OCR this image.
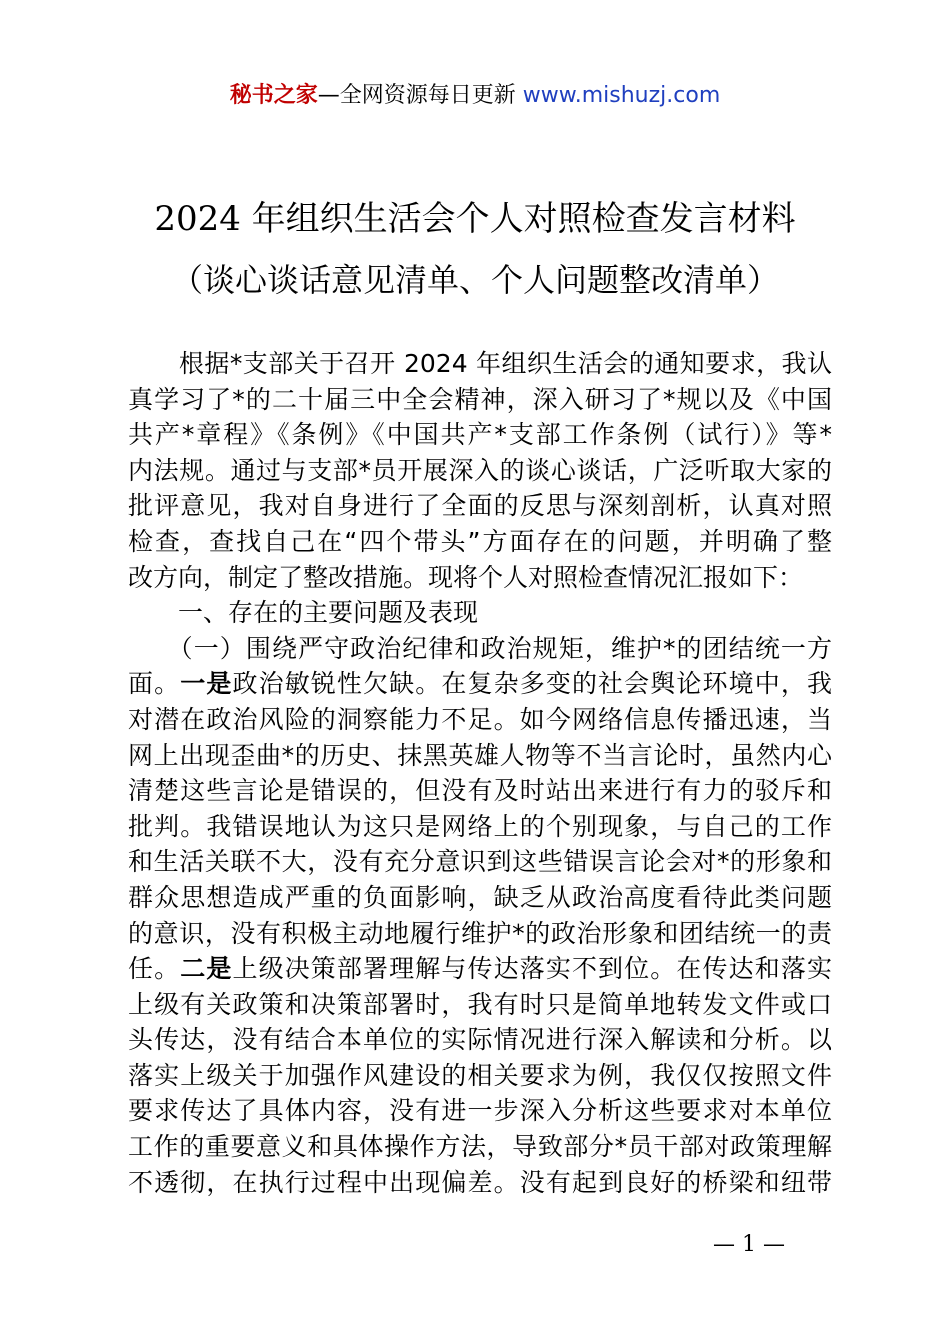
秘书之家—全网资源每日更新 www.mishuzj.com
2024 年组织生活会个人对照检查发言材料
（谈心谈话意见清单、个人问题整改清单）
　　根据*支部关于召开 2024 年组织生活会的通知要求，我认
真学习了*的二十届三中全会精神，深入研习了*规以及《中国
共产*章程》《条例》《中国共产*支部工作条例（试行）》等*
内法规。通过与支部*员开展深入的谈心谈话，广泛听取大家的
批评意见，我对自身进行了全面的反思与深刻剖析，认真对照
检查，查找自己在“四个带头”方面存在的问题，并明确了整
改方向，制定了整改措施。现将个人对照检查情况汇报如下：
　　一、存在的主要问题及表现
　　（一）围绕严守政治纪律和政治规矩，维护*的团结统一方
面。一是政治敏锐性欠缺。在复杂多变的社会舆论环境中，我
对潜在政治风险的洞察能力不足。如今网络信息传播迅速，当
网上出现歪曲*的历史、抹黑英雄人物等不当言论时，虽然内心
清楚这些言论是错误的，但没有及时站出来进行有力的驳斥和
批判。我错误地认为这只是网络上的个别现象，与自己的工作
和生活关联不大，没有充分意识到这些错误言论会对*的形象和
群众思想造成严重的负面影响，缺乏从政治高度看待此类问题
的意识，没有积极主动地履行维护*的政治形象和团结统一的责
任。二是上级决策部署理解与传达落实不到位。在传达和落实
上级有关政策和决策部署时，我有时只是简单地转发文件或口
头传达，没有结合本单位的实际情况进行深入解读和分析。以
落实上级关于加强作风建设的相关要求为例，我仅仅按照文件
要求传达了具体内容，没有进一步深入分析这些要求对本单位
工作的重要意义和具体操作方法，导致部分*员干部对政策理解
不透彻，在执行过程中出现偏差。没有起到良好的桥梁和纽带
— 1 —
